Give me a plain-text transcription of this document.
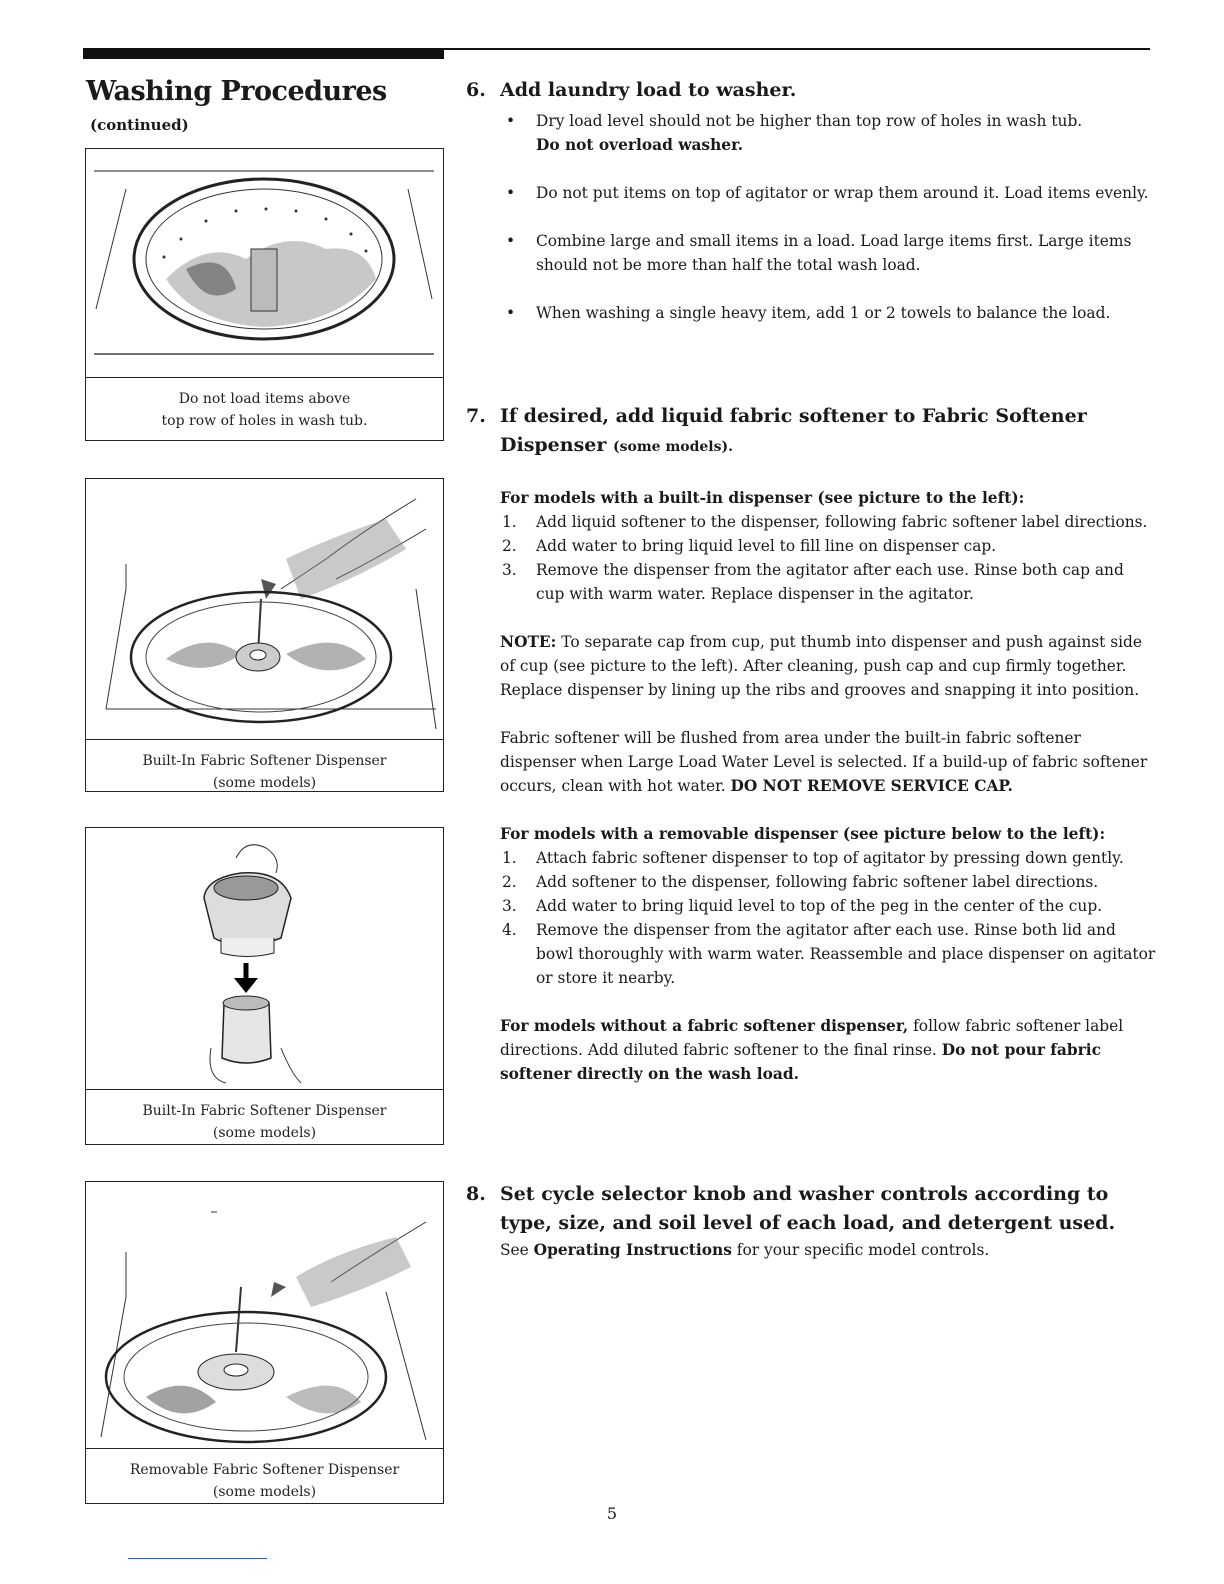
Washing Procedures
(continued)
Do not load items above
top row of holes in wash tub.
Built-In Fabric Softener Dispenser
(some models)
Built-In Fabric Softener Dispenser
(some models)
Removable Fabric Softener Dispenser
(some models)
6. Add laundry load to washer.
• Dry load level should not be higher than top row of holes in wash tub.
Do not overload washer.
• Do not put items on top of agitator or wrap them around it. Load items evenly.
• Combine large and small items in a load. Load large items first. Large items should not be more than half the total wash load.
• When washing a single heavy item, add 1 or 2 towels to balance the load.
7. If desired, add liquid fabric softener to Fabric Softener Dispenser (some models).
For models with a built-in dispenser (see picture to the left):
1. Add liquid softener to the dispenser, following fabric softener label directions.
2. Add water to bring liquid level to fill line on dispenser cap.
3. Remove the dispenser from the agitator after each use. Rinse both cap and cup with warm water. Replace dispenser in the agitator.
NOTE: To separate cap from cup, put thumb into dispenser and push against side of cup (see picture to the left). After cleaning, push cap and cup firmly together. Replace dispenser by lining up the ribs and grooves and snapping it into position.
Fabric softener will be flushed from area under the built-in fabric softener dispenser when Large Load Water Level is selected. If a build-up of fabric softener occurs, clean with hot water. DO NOT REMOVE SERVICE CAP.
For models with a removable dispenser (see picture below to the left):
1. Attach fabric softener dispenser to top of agitator by pressing down gently.
2. Add softener to the dispenser, following fabric softener label directions.
3. Add water to bring liquid level to top of the peg in the center of the cup.
4. Remove the dispenser from the agitator after each use. Rinse both lid and bowl thoroughly with warm water. Reassemble and place dispenser on agitator or store it nearby.
For models without a fabric softener dispenser, follow fabric softener label directions. Add diluted fabric softener to the final rinse. Do not pour fabric softener directly on the wash load.
8. Set cycle selector knob and washer controls according to type, size, and soil level of each load, and detergent used.
See Operating Instructions for your specific model controls.
5
